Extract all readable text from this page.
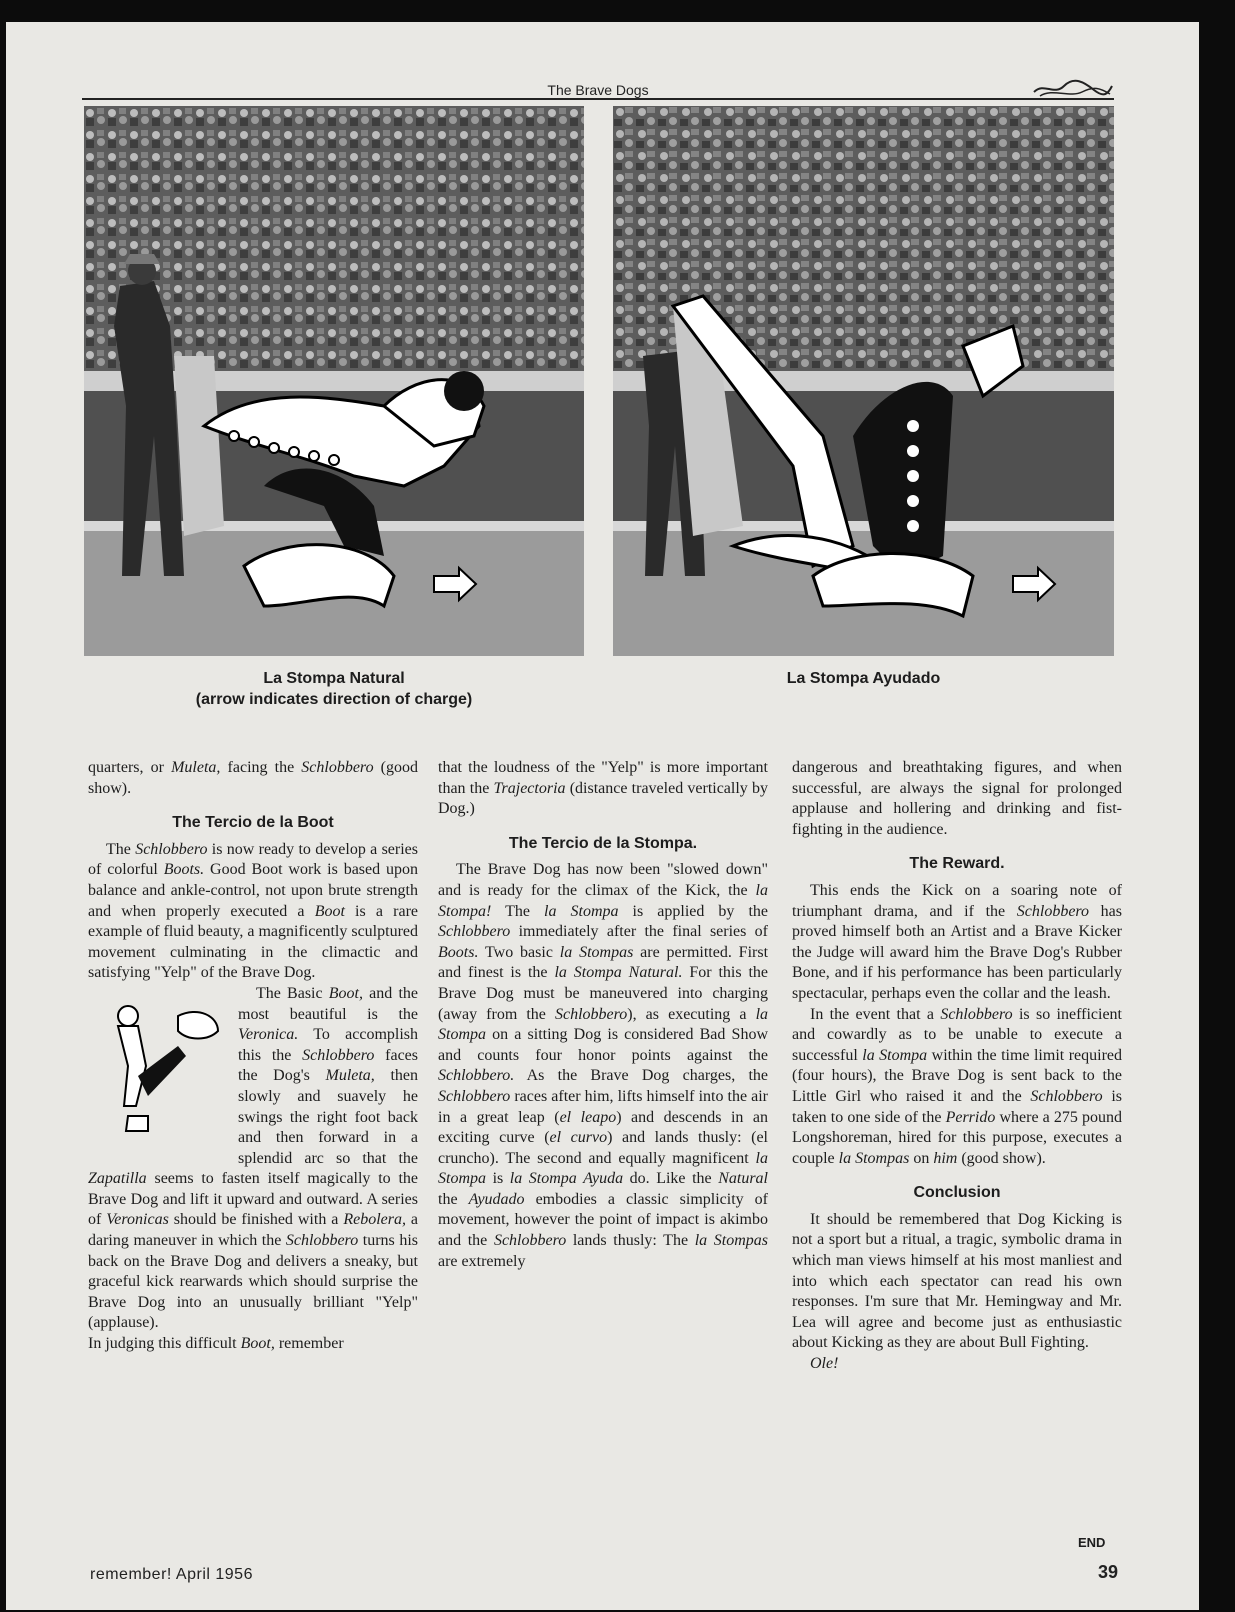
The Brave Dogs
La Stompa Natural
(arrow indicates direction of charge)
La Stompa Ayudado

quarters, or Muleta, facing the Schlobbero (good show).

The Tercio de la Boot

The Schlobbero is now ready to develop a series of colorful Boots. Good Boot work is based upon balance and ankle-control, not upon brute strength and when properly executed a Boot is a rare example of fluid beauty, a magnificently sculptured movement culminating in the climactic and satisfying "Yelp" of the Brave Dog.

The Basic Boot, and the most beautiful is the Veronica. To accomplish this the Schlobbero faces the Dog's Muleta, then slowly and suavely he swings the right foot back and then forward in a splendid arc so that the Zapatilla seems to fasten itself magically to the Brave Dog and lift it upward and outward. A series of Veronicas should be finished with a Rebolera, a daring maneuver in which the Schlobbero turns his back on the Brave Dog and delivers a sneaky, but graceful kick rearwards which should surprise the Brave Dog into an unusually brilliant "Yelp" (applause).

In judging this difficult Boot, remember

that the loudness of the "Yelp" is more important than the Trajectoria (distance traveled vertically by Dog.)

The Tercio de la Stompa.

The Brave Dog has now been "slowed down" and is ready for the climax of the Kick, the la Stompa! The la Stompa is applied by the Schlobbero immediately after the final series of Boots. Two basic la Stompas are permitted. First and finest is the la Stompa Natural. For this the Brave Dog must be maneuvered into charging (away from the Schlobbero), as executing a la Stompa on a sitting Dog is considered Bad Show and counts four honor points against the Schlobbero. As the Brave Dog charges, the Schlobbero races after him, lifts himself into the air in a great leap (el leapo) and descends in an exciting curve (el curvo) and lands thusly: (el cruncho). The second and equally magnificent la Stompa is la Stompa Ayuda do. Like the Natural the Ayudado embodies a classic simplicity of movement, however the point of impact is akimbo and the Schlobbero lands thusly: The la Stompas are extremely

dangerous and breathtaking figures, and when successful, are always the signal for prolonged applause and hollering and drinking and fist-fighting in the audience.

The Reward.

This ends the Kick on a soaring note of triumphant drama, and if the Schlobbero has proved himself both an Artist and a Brave Kicker the Judge will award him the Brave Dog's Rubber Bone, and if his performance has been particularly spectacular, perhaps even the collar and the leash.

In the event that a Schlobbero is so inefficient and cowardly as to be unable to execute a successful la Stompa within the time limit required (four hours), the Brave Dog is sent back to the Little Girl who raised it and the Schlobbero is taken to one side of the Perrido where a 275 pound Longshoreman, hired for this purpose, executes a couple la Stompas on him (good show).

Conclusion

It should be remembered that Dog Kicking is not a sport but a ritual, a tragic, symbolic drama in which man views himself at his most manliest and into which each spectator can read his own responses. I'm sure that Mr. Hemingway and Mr. Lea will agree and become just as enthusiastic about Kicking as they are about Bull Fighting.

Ole!

END
remember! April 1956	39
